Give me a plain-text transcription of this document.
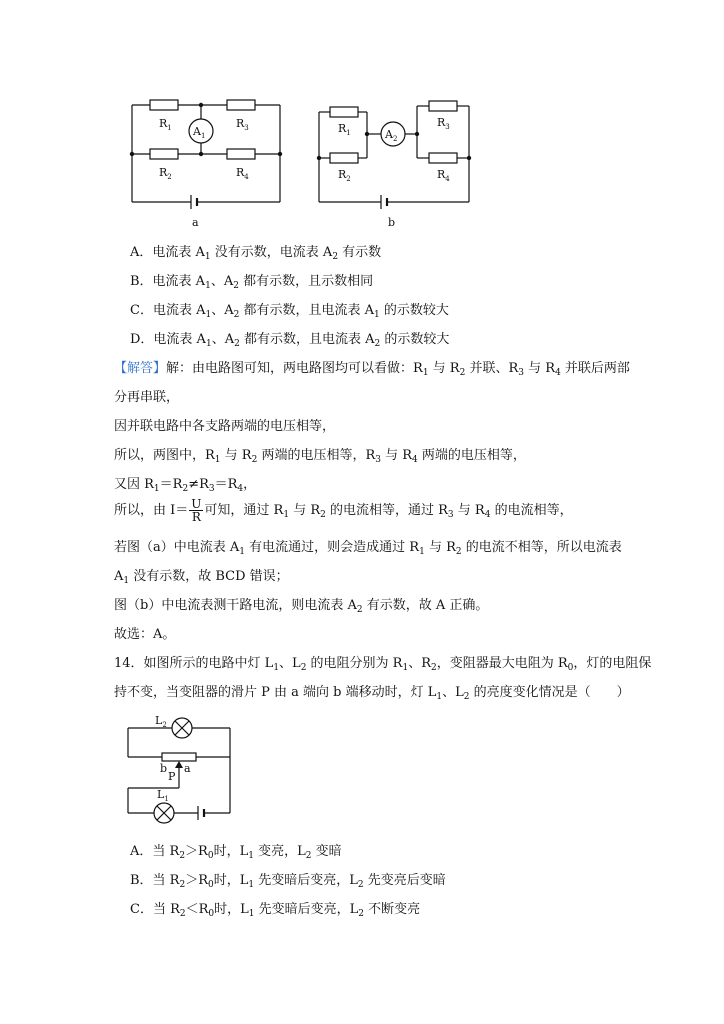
$R_1$	$R_3$
$R_2$	$R_4$
$A_1$
a
$R_1$
$R_2$
$R_3$
$R_4$
$A_2$
b
A．电流表 $A_1$ 没有示数，电流表 $A_2$ 有示数
B．电流表 $A_1$、$A_2$ 都有示数，且示数相同
C．电流表 $A_1$、$A_2$ 都有示数，且电流表 $A_1$ 的示数较大
D．电流表 $A_1$、$A_2$ 都有示数，且电流表 $A_2$ 的示数较大
【解答】解：由电路图可知，两电路图均可以看做：$R_1$ 与 $R_2$ 并联、$R_3$ 与 $R_4$ 并联后两部
分再串联，
因并联电路中各支路两端的电压相等，
所以，两图中，$R_1$ 与 $R_2$ 两端的电压相等，$R_3$ 与 $R_4$ 两端的电压相等，
又因 $R_1=R_2\ne R_3=R_4$，
所以，由 $I= \frac{U}{R}$ 可知，通过 $R_1$ 与 $R_2$ 的电流相等，通过 $R_3$ 与 $R_4$ 的电流相等，
若图（a）中电流表 $A_1$ 有电流通过，则会造成通过 $R_1$ 与 $R_2$ 的电流不相等，所以电流表
$A_1$ 没有示数，故 BCD 错误；
图（b）中电流表测干路电流，则电流表 $A_2$ 有示数，故 A 正确。
故选：A。
14．如图所示的电路中灯 $L_1$、$L_2$ 的电阻分别为 $R_1$、$R_2$，变阻器最大电阻为 $R_0$，灯的电阻保
持不变，当变阻器的滑片 P 由 a 端向 b 端移动时，灯 $L_1$、$L_2$ 的亮度变化情况是（　　）
$L_2$
$L_1$
b a
P
A．当 $R_2>R_0$时，$L_1$ 变亮，$L_2$ 变暗
B．当 $R_2>R_0$时，$L_1$ 先变暗后变亮，$L_2$ 先变亮后变暗
C．当 $R_2<R_0$时，$L_1$ 先变暗后变亮，$L_2$ 不断变亮
